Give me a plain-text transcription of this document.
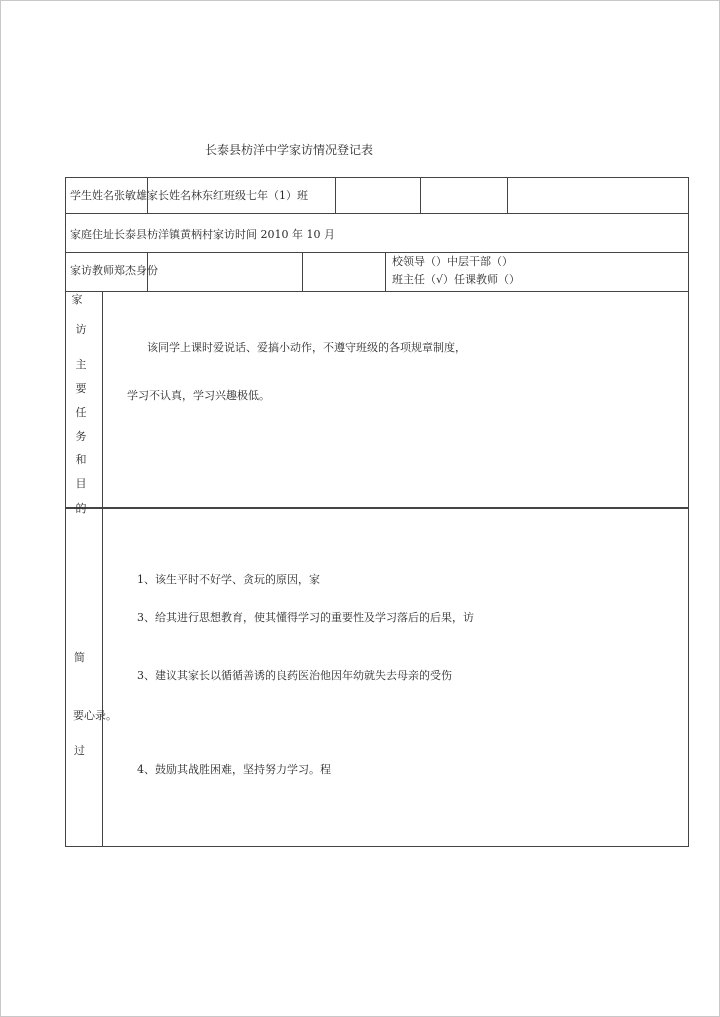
长泰县枋洋中学家访情况登记表
学生姓名张敏雄家长姓名林东红班级七年（1）班
家庭住址长泰县枋洋镇黄柄村家访时间 2010 年 10 月
家访教师郑杰身份
校领导（）中层干部（）
班主任（√）任课教师（）
家
访
主
要
任
务
和
目
的
该同学上课时爱说话、爱搞小动作，不遵守班级的各项规章制度，
学习不认真，学习兴趣极低。
简
要心录。
过
1、该生平时不好学、贪玩的原因，家
3、给其进行思想教育，使其懂得学习的重要性及学习落后的后果，访
3、建议其家长以循循善诱的良药医治他因年幼就失去母亲的受伤
4、鼓励其战胜困难，坚持努力学习。程
